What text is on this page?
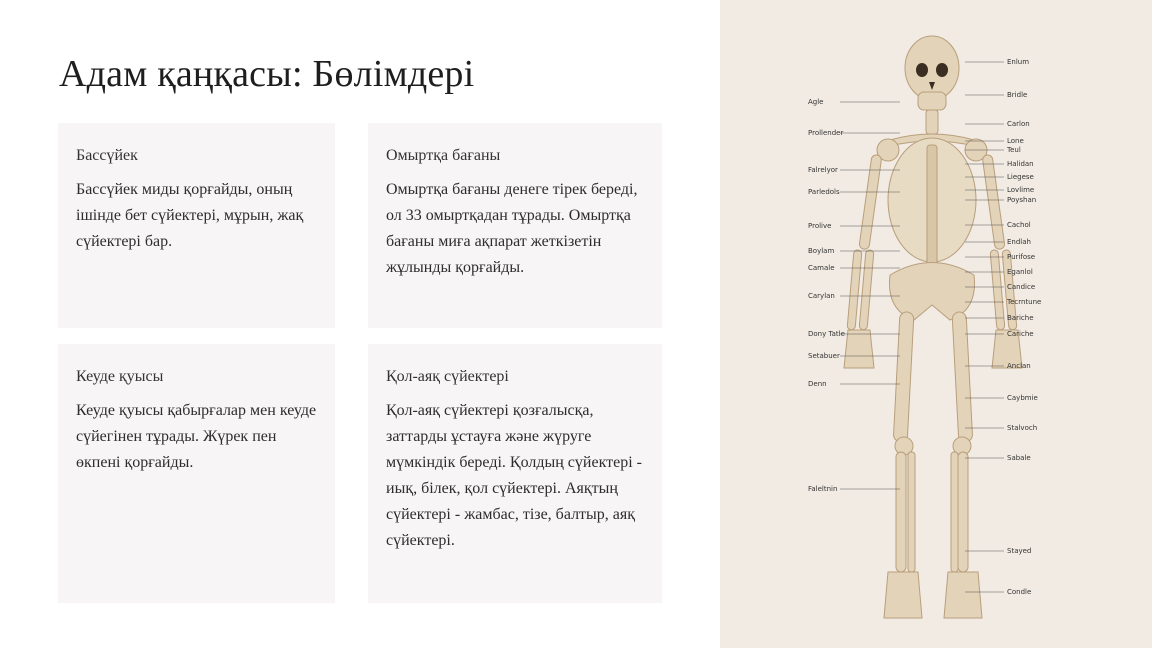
Адам қаңқасы: Бөлімдері

Бассүйек

Бассүйек миды қорғайды, оның ішінде бет сүйектері, мұрын, жақ сүйектері бар.

Омыртқа бағаны

Омыртқа бағаны денеге тірек береді, ол 33 омыртқадан тұрады. Омыртқа бағаны миға ақпарат жеткізетін жұлынды қорғайды.

Кеуде қуысы

Кеуде қуысы қабырғалар мен кеуде сүйегінен тұрады. Жүрек пен өкпені қорғайды.

Қол-аяқ сүйектері

Қол-аяқ сүйектері қозғалысқа, заттарды ұстауға және жүруге мүмкіндік береді. Қолдың сүйектері - иық, білек, қол сүйектері. Аяқтың сүйектері - жамбас, тізе, балтыр, аяқ сүйектері.

Agle
Prollender
Falrelyor
Parledols
Prolive
Boylam
Camale
Carylan
Dony Tatle
Setabuer
Denn
Faleltnin
Enlum
Bridle
Carlon
Lone
Teul
Halidan
Liegese
Lovlime
Poyshan
Cachol
Endlah
Purifose
Eganlol
Candice
Tecrntune
Bariche
Cariche
Anclan
Caybmie
Stalvoch
Sabale
Stayed
Condle
